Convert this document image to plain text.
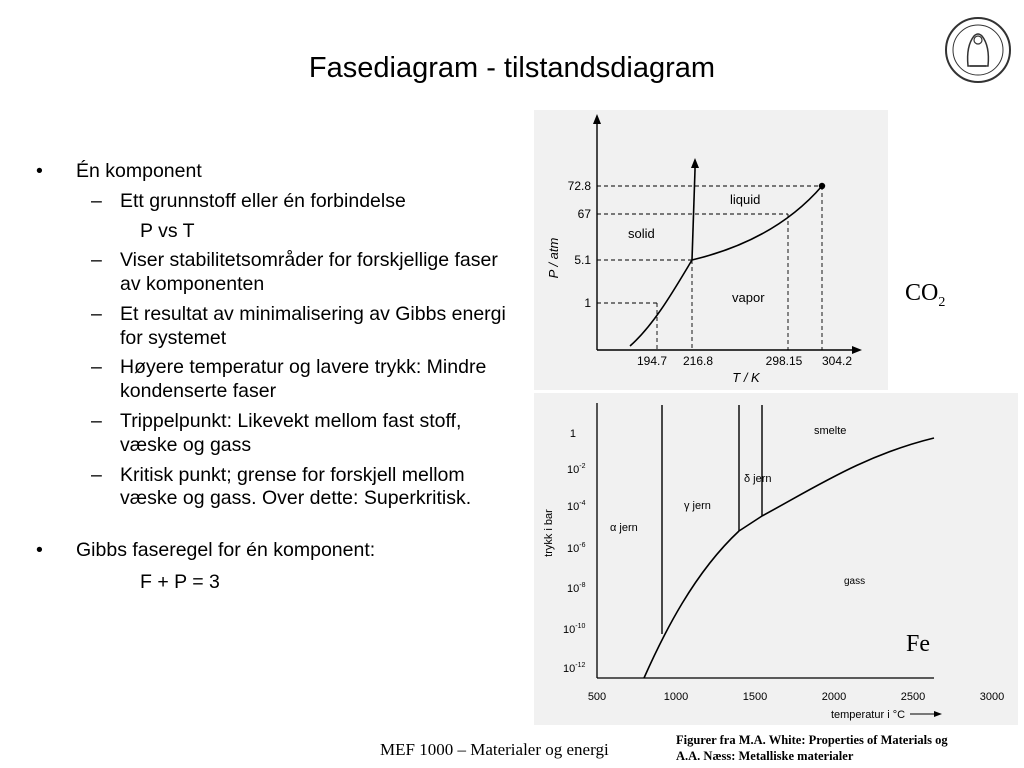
Fasediagram - tilstandsdiagram
• Én komponent
– Ett grunnstoff eller én forbindelse
P vs T
– Viser stabilitetsområder for forskjellige faser av komponenten
– Et resultat av minimalisering av Gibbs energi for systemet
– Høyere temperatur og lavere trykk: Mindre kondenserte faser
– Trippelpunkt: Likevekt mellom fast stoff, væske og gass
– Kritisk punkt; grense for forskjell mellom væske og gass. Over dette: Superkritisk.
• Gibbs faseregel for én komponent:
F + P = 3
72.8
67
5.1
1
194.7 216.8	298.15 304.2
T / K
P / atm
solid
liquid
vapor
1
$10^{-2}$
$10^{-4}$
$10^{-6}$
$10^{-8}$
$10^{-10}$
$10^{-12}$
500	1000	1500	2000	2500	3000
temperatur i °C
trykk i bar	α jern
γ jern
δ jern
smelte
gass
$CO_2$
Fe
MEF 1000 – Materialer og energi	Figurer fra M.A. White: Properties of Materials og
A.A. Næss: Metalliske materialer
